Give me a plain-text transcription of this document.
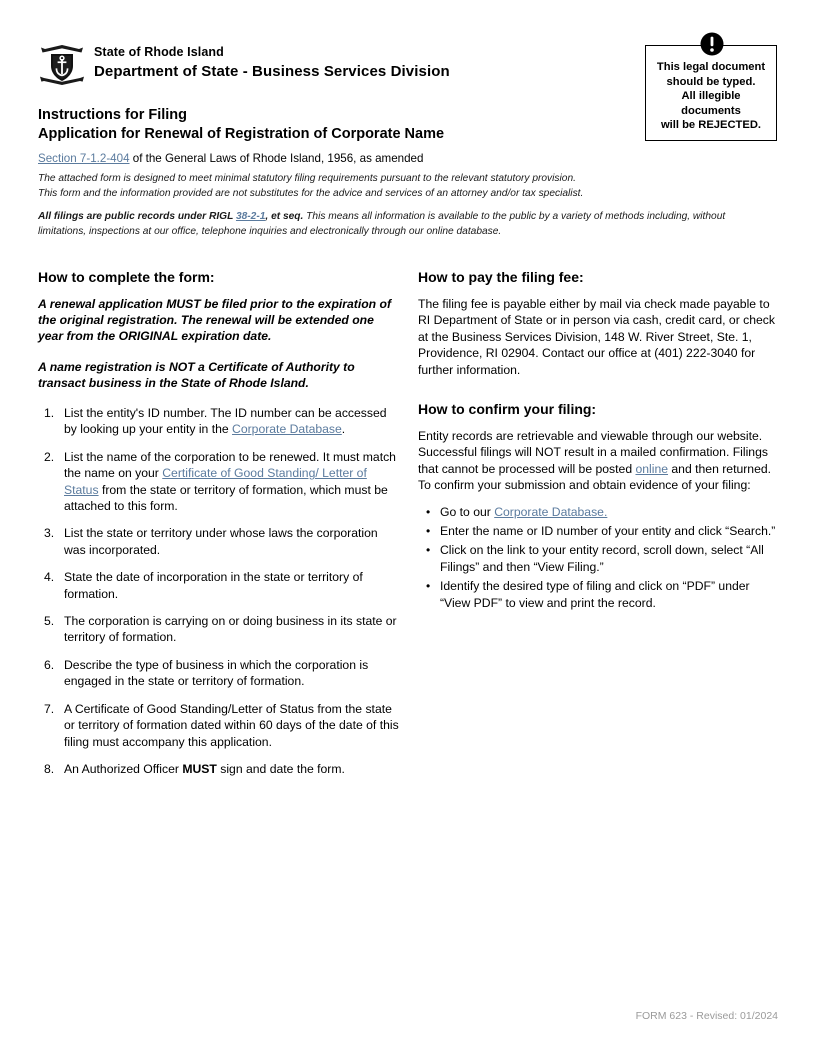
State of Rhode Island
Department of State - Business Services Division
Instructions for Filing
Application for Renewal of Registration of Corporate Name
This legal document
should be typed.
All illegible
documents
will be REJECTED.
Section 7-1.2-404 of the General Laws of Rhode Island, 1956, as amended
The attached form is designed to meet minimal statutory filing requirements pursuant to the relevant statutory provision.
This form and the information provided are not substitutes for the advice and services of an attorney and/or tax specialist.
All filings are public records under RIGL 38-2-1, et seq. This means all information is available to the public by a variety of methods including, without limitations, inspections at our office, telephone inquiries and electronically through our online database.
How to complete the form:
A renewal application MUST be filed prior to the expiration of the original registration. The renewal will be extended one year from the ORIGINAL expiration date.
A name registration is NOT a Certificate of Authority to transact business in the State of Rhode Island.
List the entity's ID number. The ID number can be accessed by looking up your entity in the Corporate Database.
List the name of the corporation to be renewed. It must match the name on your Certificate of Good Standing/ Letter of Status from the state or territory of formation, which must be attached to this form.
List the state or territory under whose laws the corporation was incorporated.
State the date of incorporation in the state or territory of formation.
The corporation is carrying on or doing business in its state or territory of formation.
Describe the type of business in which the corporation is engaged in the state or territory of formation.
A Certificate of Good Standing/Letter of Status from the state or territory of formation dated within 60 days of the date of this filing must accompany this application.
An Authorized Officer MUST sign and date the form.
How to pay the filing fee:
The filing fee is payable either by mail via check made payable to RI Department of State or in person via cash, credit card, or check at the Business Services Division, 148 W. River Street, Ste. 1, Providence, RI 02904. Contact our office at (401) 222-3040 for further information.
How to confirm your filing:
Entity records are retrievable and viewable through our website. Successful filings will NOT result in a mailed confirmation. Filings that cannot be processed will be posted online and then returned. To confirm your submission and obtain evidence of your filing:
• Go to our Corporate Database.
• Enter the name or ID number of your entity and click “Search.”
• Click on the link to your entity record, scroll down, select “All Filings” and then “View Filing.”
• Identify the desired type of filing and click on “PDF” under “View PDF” to view and print the record.
FORM 623 - Revised: 01/2024
